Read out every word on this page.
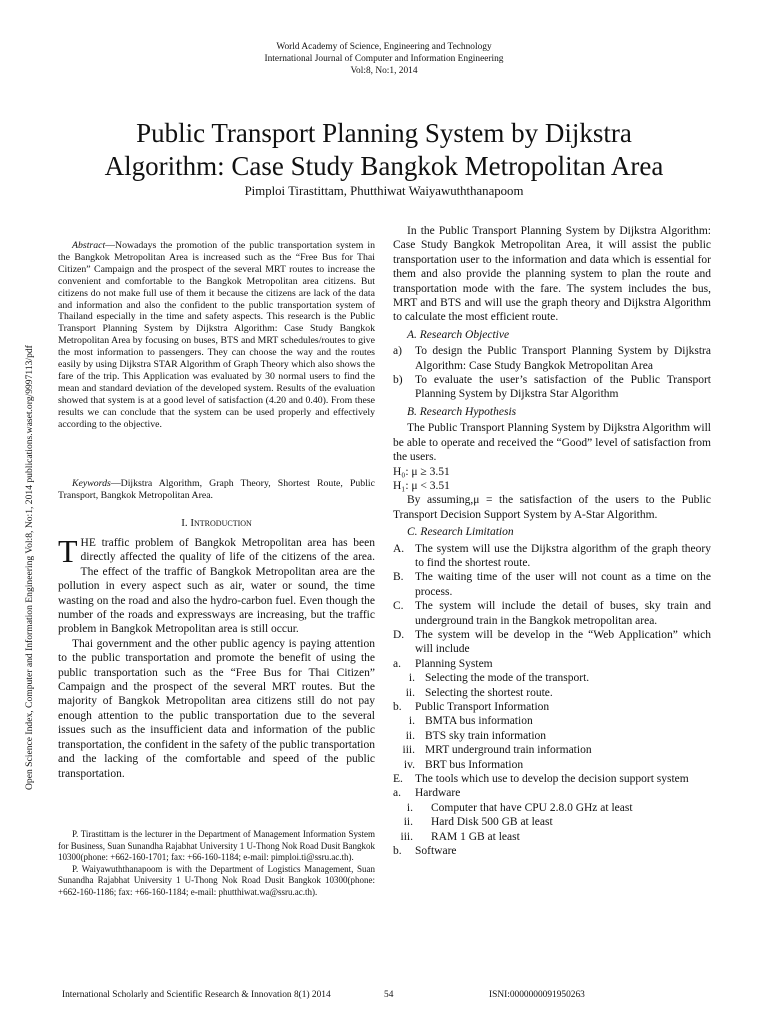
World Academy of Science, Engineering and Technology
International Journal of Computer and Information Engineering
Vol:8, No:1, 2014
Public Transport Planning System by Dijkstra
Algorithm: Case Study Bangkok Metropolitan Area
Pimploi Tirastittam, Phutthiwat Waiyawuththanapoom
Open Science Index, Computer and Information Engineering Vol:8, No:1, 2014 publications.waset.org/9997113/pdf
Abstract—Nowadays the promotion of the public transportation system in the Bangkok Metropolitan Area is increased such as the “Free Bus for Thai Citizen” Campaign and the prospect of the several MRT routes to increase the convenient and comfortable to the Bangkok Metropolitan area citizens. But citizens do not make full use of them it because the citizens are lack of the data and information and also the confident to the public transportation system of Thailand especially in the time and safety aspects. This research is the Public Transport Planning System by Dijkstra Algorithm: Case Study Bangkok Metropolitan Area by focusing on buses, BTS and MRT schedules/routes to give the most information to passengers. They can choose the way and the routes easily by using Dijkstra STAR Algorithm of Graph Theory which also shows the fare of the trip. This Application was evaluated by 30 normal users to find the mean and standard deviation of the developed system. Results of the evaluation showed that system is at a good level of satisfaction (4.20 and 0.40). From these results we can conclude that the system can be used properly and effectively according to the objective.
Keywords—Dijkstra Algorithm, Graph Theory, Shortest Route, Public Transport, Bangkok Metropolitan Area.
I. Introduction

THE traffic problem of Bangkok Metropolitan area has been directly affected the quality of life of the citizens of the area. The effect of the traffic of Bangkok Metropolitan area are the pollution in every aspect such as air, water or sound, the time wasting on the road and also the hydro-carbon fuel. Even though the number of the roads and expressways are increasing, but the traffic problem in Bangkok Metropolitan area is still occur.

Thai government and the other public agency is paying attention to the public transportation and promote the benefit of using the public transportation such as the “Free Bus for Thai Citizen” Campaign and the prospect of the several MRT routes. But the majority of Bangkok Metropolitan area citizens still do not pay enough attention to the public transportation due to the several issues such as the insufficient data and information of the public transportation, the confident in the safety of the public transportation and the lacking of the comfortable and speed of the public transportation.

P. Tirastittam is the lecturer in the Department of Management Information System for Business, Suan Sunandha Rajabhat University 1 U-Thong Nok Road Dusit Bangkok 10300(phone: +662-160-1701; fax: +66-160-1184; e-mail: pimploi.ti@ssru.ac.th).

P. Waiyawuththanapoom is with the Department of Logistics Management, Suan Sunandha Rajabhat University 1 U-Thong Nok Road Dusit Bangkok 10300(phone: +662-160-1186; fax: +66-160-1184; e-mail: phutthiwat.wa@ssru.ac.th).

In the Public Transport Planning System by Dijkstra Algorithm: Case Study Bangkok Metropolitan Area, it will assist the public transportation user to the information and data which is essential for them and also provide the planning system to plan the route and transportation mode with the fare. The system includes the bus, MRT and BTS and will use the graph theory and Dijkstra Algorithm to calculate the most efficient route.

A. Research Objective
a)	To design the Public Transport Planning System by Dijkstra Algorithm: Case Study Bangkok Metropolitan Area
b)	To evaluate the user’s satisfaction of the Public Transport Planning System by Dijkstra Star Algorithm
B. Research Hypothesis

The Public Transport Planning System by Dijkstra Algorithm will be able to operate and received the “Good” level of satisfaction from the users.

H₀: μ ≥ 3.51

H₁: μ < 3.51

By assuming,μ = the satisfaction of the users to the Public Transport Decision Support System by A-Star Algorithm.

C. Research Limitation
A. The system will use the Dijkstra algorithm of the graph theory to find the shortest route.
B. The waiting time of the user will not count as a time on the process.
C. The system will include the detail of buses, sky train and underground train in the Bangkok metropolitan area.
D. The system will be develop in the “Web Application” which will include
a.	Planning System
i. Selecting the mode of the transport.
ii. Selecting the shortest route.
b.	Public Transport Information
i. BMTA bus information
ii. BTS sky train information
iii. MRT underground train information
iv. BRT bus Information
E.	The tools which use to develop the decision support system
a.	Hardware
i.	Computer that have CPU 2.8.0 GHz at least
ii.	Hard Disk 500 GB at least
iii.	RAM 1 GB at least
b.	Software
International Scholarly and Scientific Research & Innovation 8(1) 2014	54	ISNI:0000000091950263
